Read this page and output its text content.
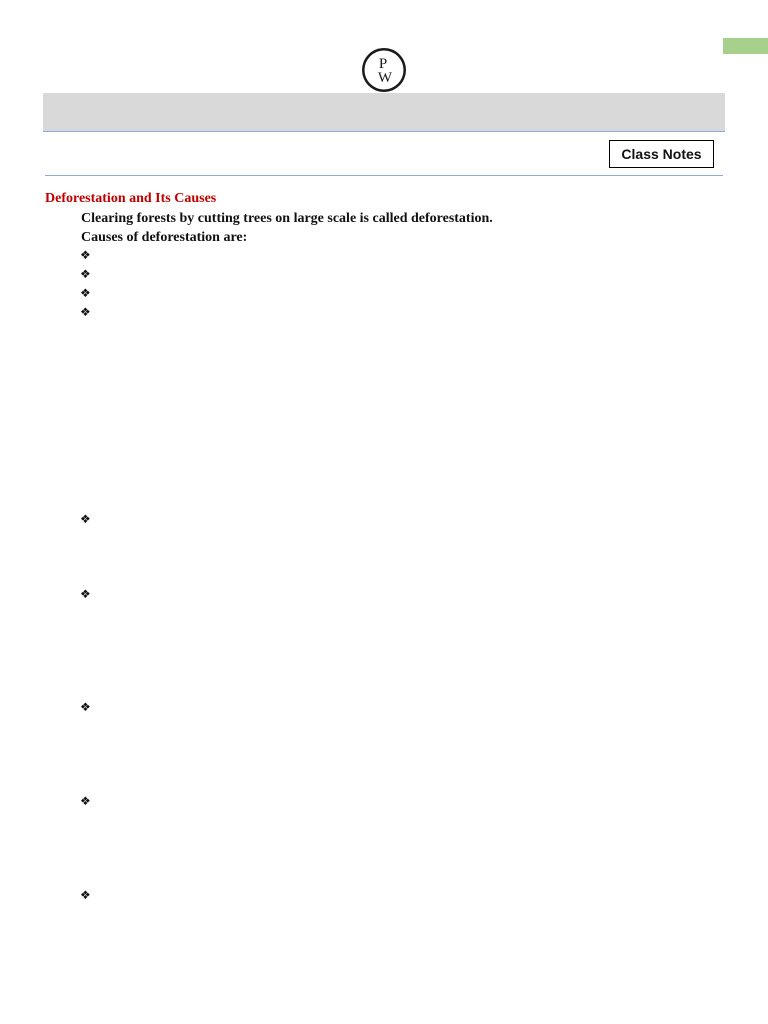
P
W
Class Notes
Deforestation and Its Causes
Clearing forests by cutting trees on large scale is called deforestation.
Causes of deforestation are:
❖
❖
❖
❖
❖
❖
❖
❖
❖
